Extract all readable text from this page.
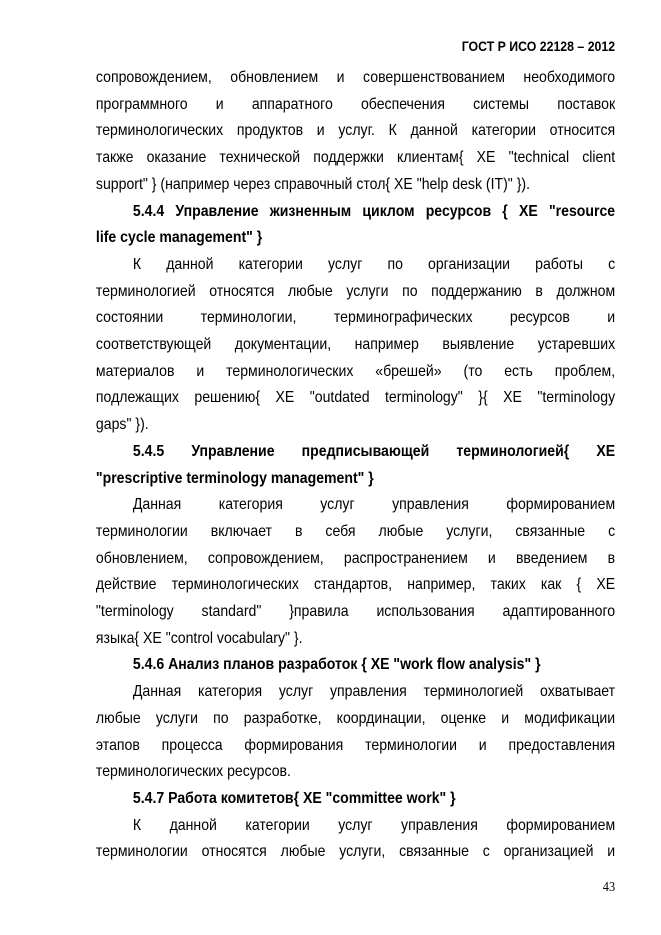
ГОСТ Р ИСО 22128 – 2012

сопровождением, обновлением и совершенствованием необходимого

программного и аппаратного обеспечения системы поставок

терминологических продуктов и услуг. К данной категории относится

также оказание технической поддержки клиентам{ XE "technical client

support" } (например через справочный стол{ XE "help desk (IT)" }).

5.4.4 Управление жизненным циклом ресурсов { XE "resource

life cycle management" }

К данной категории услуг по организации работы с

терминологией относятся любые услуги по поддержанию в должном

состоянии терминологии, терминографических ресурсов и

соответствующей документации, например выявление устаревших

материалов и терминологических «брешей» (то есть проблем,

подлежащих решению{ XE "outdated terminology" }{ XE "terminology

gaps" }).

5.4.5 Управление предписывающей терминологией{ XE

"prescriptive terminology management" }

Данная категория услуг управления формированием

терминологии включает в себя любые услуги, связанные с

обновлением, сопровождением, распространением и введением в

действие терминологических стандартов, например, таких как { XE

"terminology standard" }правила использования адаптированного

языка{ XE "control vocabulary" }.

5.4.6 Анализ планов разработок { XE "work flow analysis" }

Данная категория услуг управления терминологией охватывает

любые услуги по разработке, координации, оценке и модификации

этапов процесса формирования терминологии и предоставления

терминологических ресурсов.

5.4.7 Работа комитетов{ XE "committee work" }

К данной категории услуг управления формированием

терминологии относятся любые услуги, связанные с организацией и

43
